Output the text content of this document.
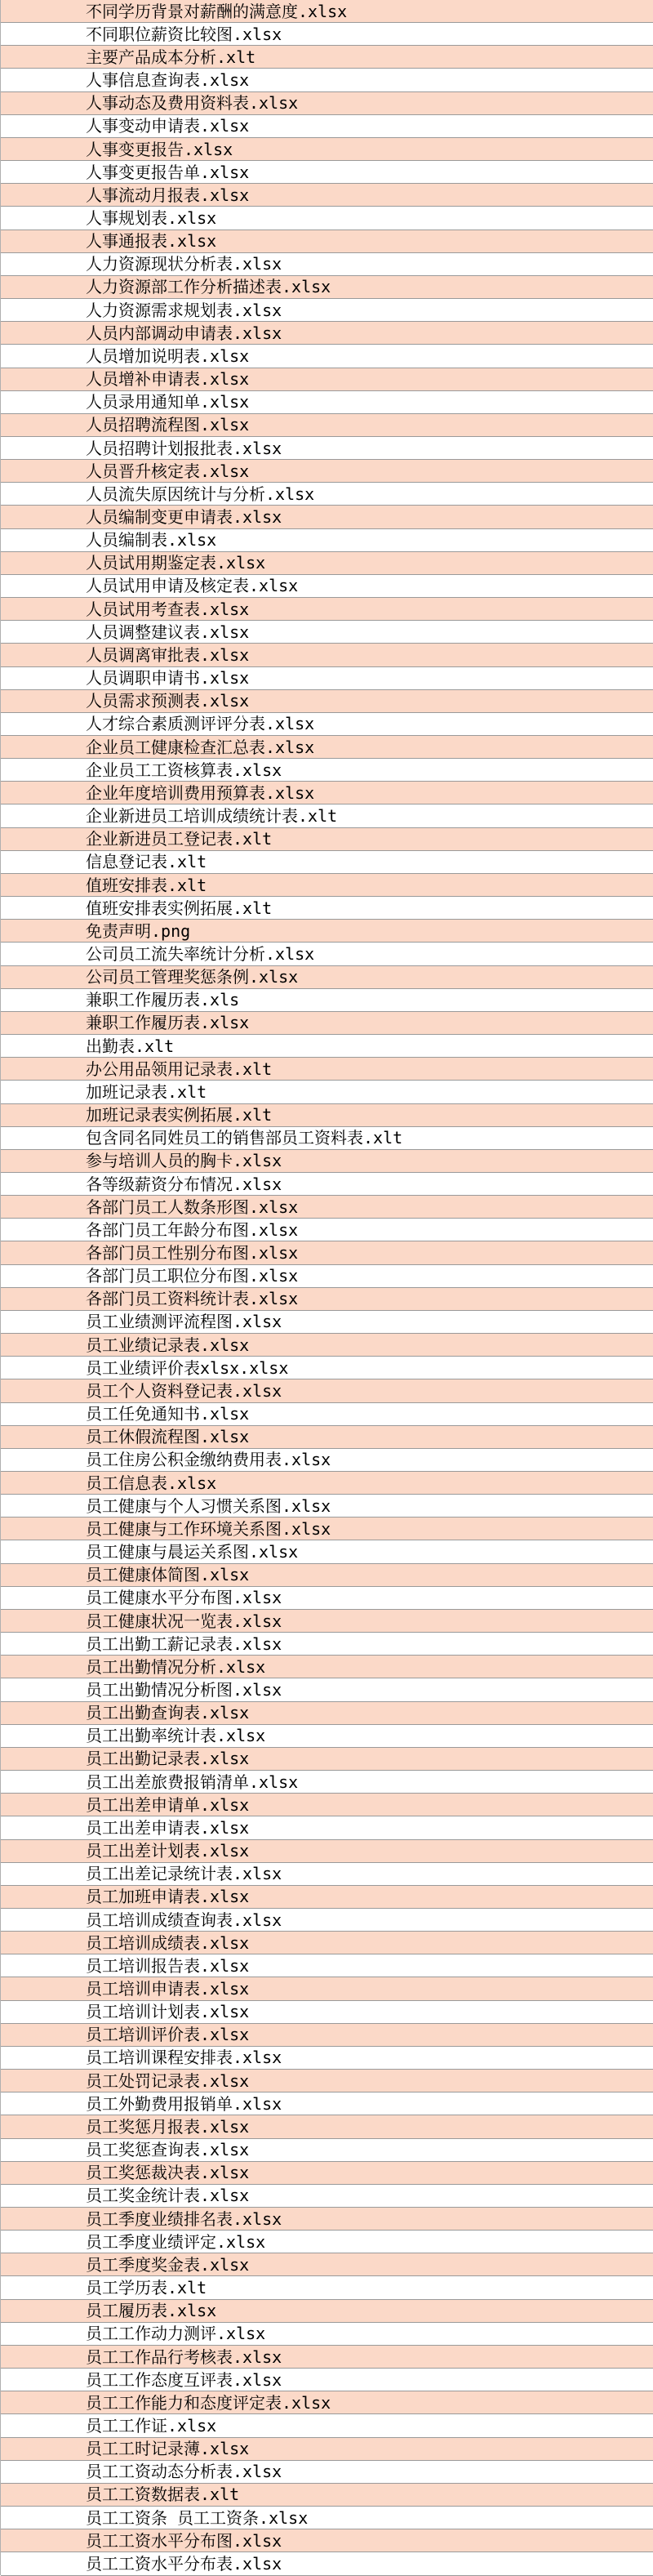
不同学历背景对薪酬的满意度.xlsx
不同职位薪资比较图.xlsx
主要产品成本分析.xlt
人事信息查询表.xlsx
人事动态及费用资料表.xlsx
人事变动申请表.xlsx
人事变更报告.xlsx
人事变更报告单.xlsx
人事流动月报表.xlsx
人事规划表.xlsx
人事通报表.xlsx
人力资源现状分析表.xlsx
人力资源部工作分析描述表.xlsx
人力资源需求规划表.xlsx
人员内部调动申请表.xlsx
人员增加说明表.xlsx
人员增补申请表.xlsx
人员录用通知单.xlsx
人员招聘流程图.xlsx
人员招聘计划报批表.xlsx
人员晋升核定表.xlsx
人员流失原因统计与分析.xlsx
人员编制变更申请表.xlsx
人员编制表.xlsx
人员试用期鉴定表.xlsx
人员试用申请及核定表.xlsx
人员试用考查表.xlsx
人员调整建议表.xlsx
人员调离审批表.xlsx
人员调职申请书.xlsx
人员需求预测表.xlsx
人才综合素质测评评分表.xlsx
企业员工健康检查汇总表.xlsx
企业员工工资核算表.xlsx
企业年度培训费用预算表.xlsx
企业新进员工培训成绩统计表.xlt
企业新进员工登记表.xlt
信息登记表.xlt
值班安排表.xlt
值班安排表实例拓展.xlt
免责声明.png
公司员工流失率统计分析.xlsx
公司员工管理奖惩条例.xlsx
兼职工作履历表.xls
兼职工作履历表.xlsx
出勤表.xlt
办公用品领用记录表.xlt
加班记录表.xlt
加班记录表实例拓展.xlt
包含同名同姓员工的销售部员工资料表.xlt
参与培训人员的胸卡.xlsx
各等级薪资分布情况.xlsx
各部门员工人数条形图.xlsx
各部门员工年龄分布图.xlsx
各部门员工性别分布图.xlsx
各部门员工职位分布图.xlsx
各部门员工资料统计表.xlsx
员工业绩测评流程图.xlsx
员工业绩记录表.xlsx
员工业绩评价表xlsx.xlsx
员工个人资料登记表.xlsx
员工任免通知书.xlsx
员工休假流程图.xlsx
员工住房公积金缴纳费用表.xlsx
员工信息表.xlsx
员工健康与个人习惯关系图.xlsx
员工健康与工作环境关系图.xlsx
员工健康与晨运关系图.xlsx
员工健康体简图.xlsx
员工健康水平分布图.xlsx
员工健康状况一览表.xlsx
员工出勤工薪记录表.xlsx
员工出勤情况分析.xlsx
员工出勤情况分析图.xlsx
员工出勤查询表.xlsx
员工出勤率统计表.xlsx
员工出勤记录表.xlsx
员工出差旅费报销清单.xlsx
员工出差申请单.xlsx
员工出差申请表.xlsx
员工出差计划表.xlsx
员工出差记录统计表.xlsx
员工加班申请表.xlsx
员工培训成绩查询表.xlsx
员工培训成绩表.xlsx
员工培训报告表.xlsx
员工培训申请表.xlsx
员工培训计划表.xlsx
员工培训评价表.xlsx
员工培训课程安排表.xlsx
员工处罚记录表.xlsx
员工外勤费用报销单.xlsx
员工奖惩月报表.xlsx
员工奖惩查询表.xlsx
员工奖惩裁决表.xlsx
员工奖金统计表.xlsx
员工季度业绩排名表.xlsx
员工季度业绩评定.xlsx
员工季度奖金表.xlsx
员工学历表.xlt
员工履历表.xlsx
员工工作动力测评.xlsx
员工工作品行考核表.xlsx
员工工作态度互评表.xlsx
员工工作能力和态度评定表.xlsx
员工工作证.xlsx
员工工时记录薄.xlsx
员工工资动态分析表.xlsx
员工工资数据表.xlt
员工工资条 员工工资条.xlsx
员工工资水平分布图.xlsx
员工工资水平分布表.xlsx
